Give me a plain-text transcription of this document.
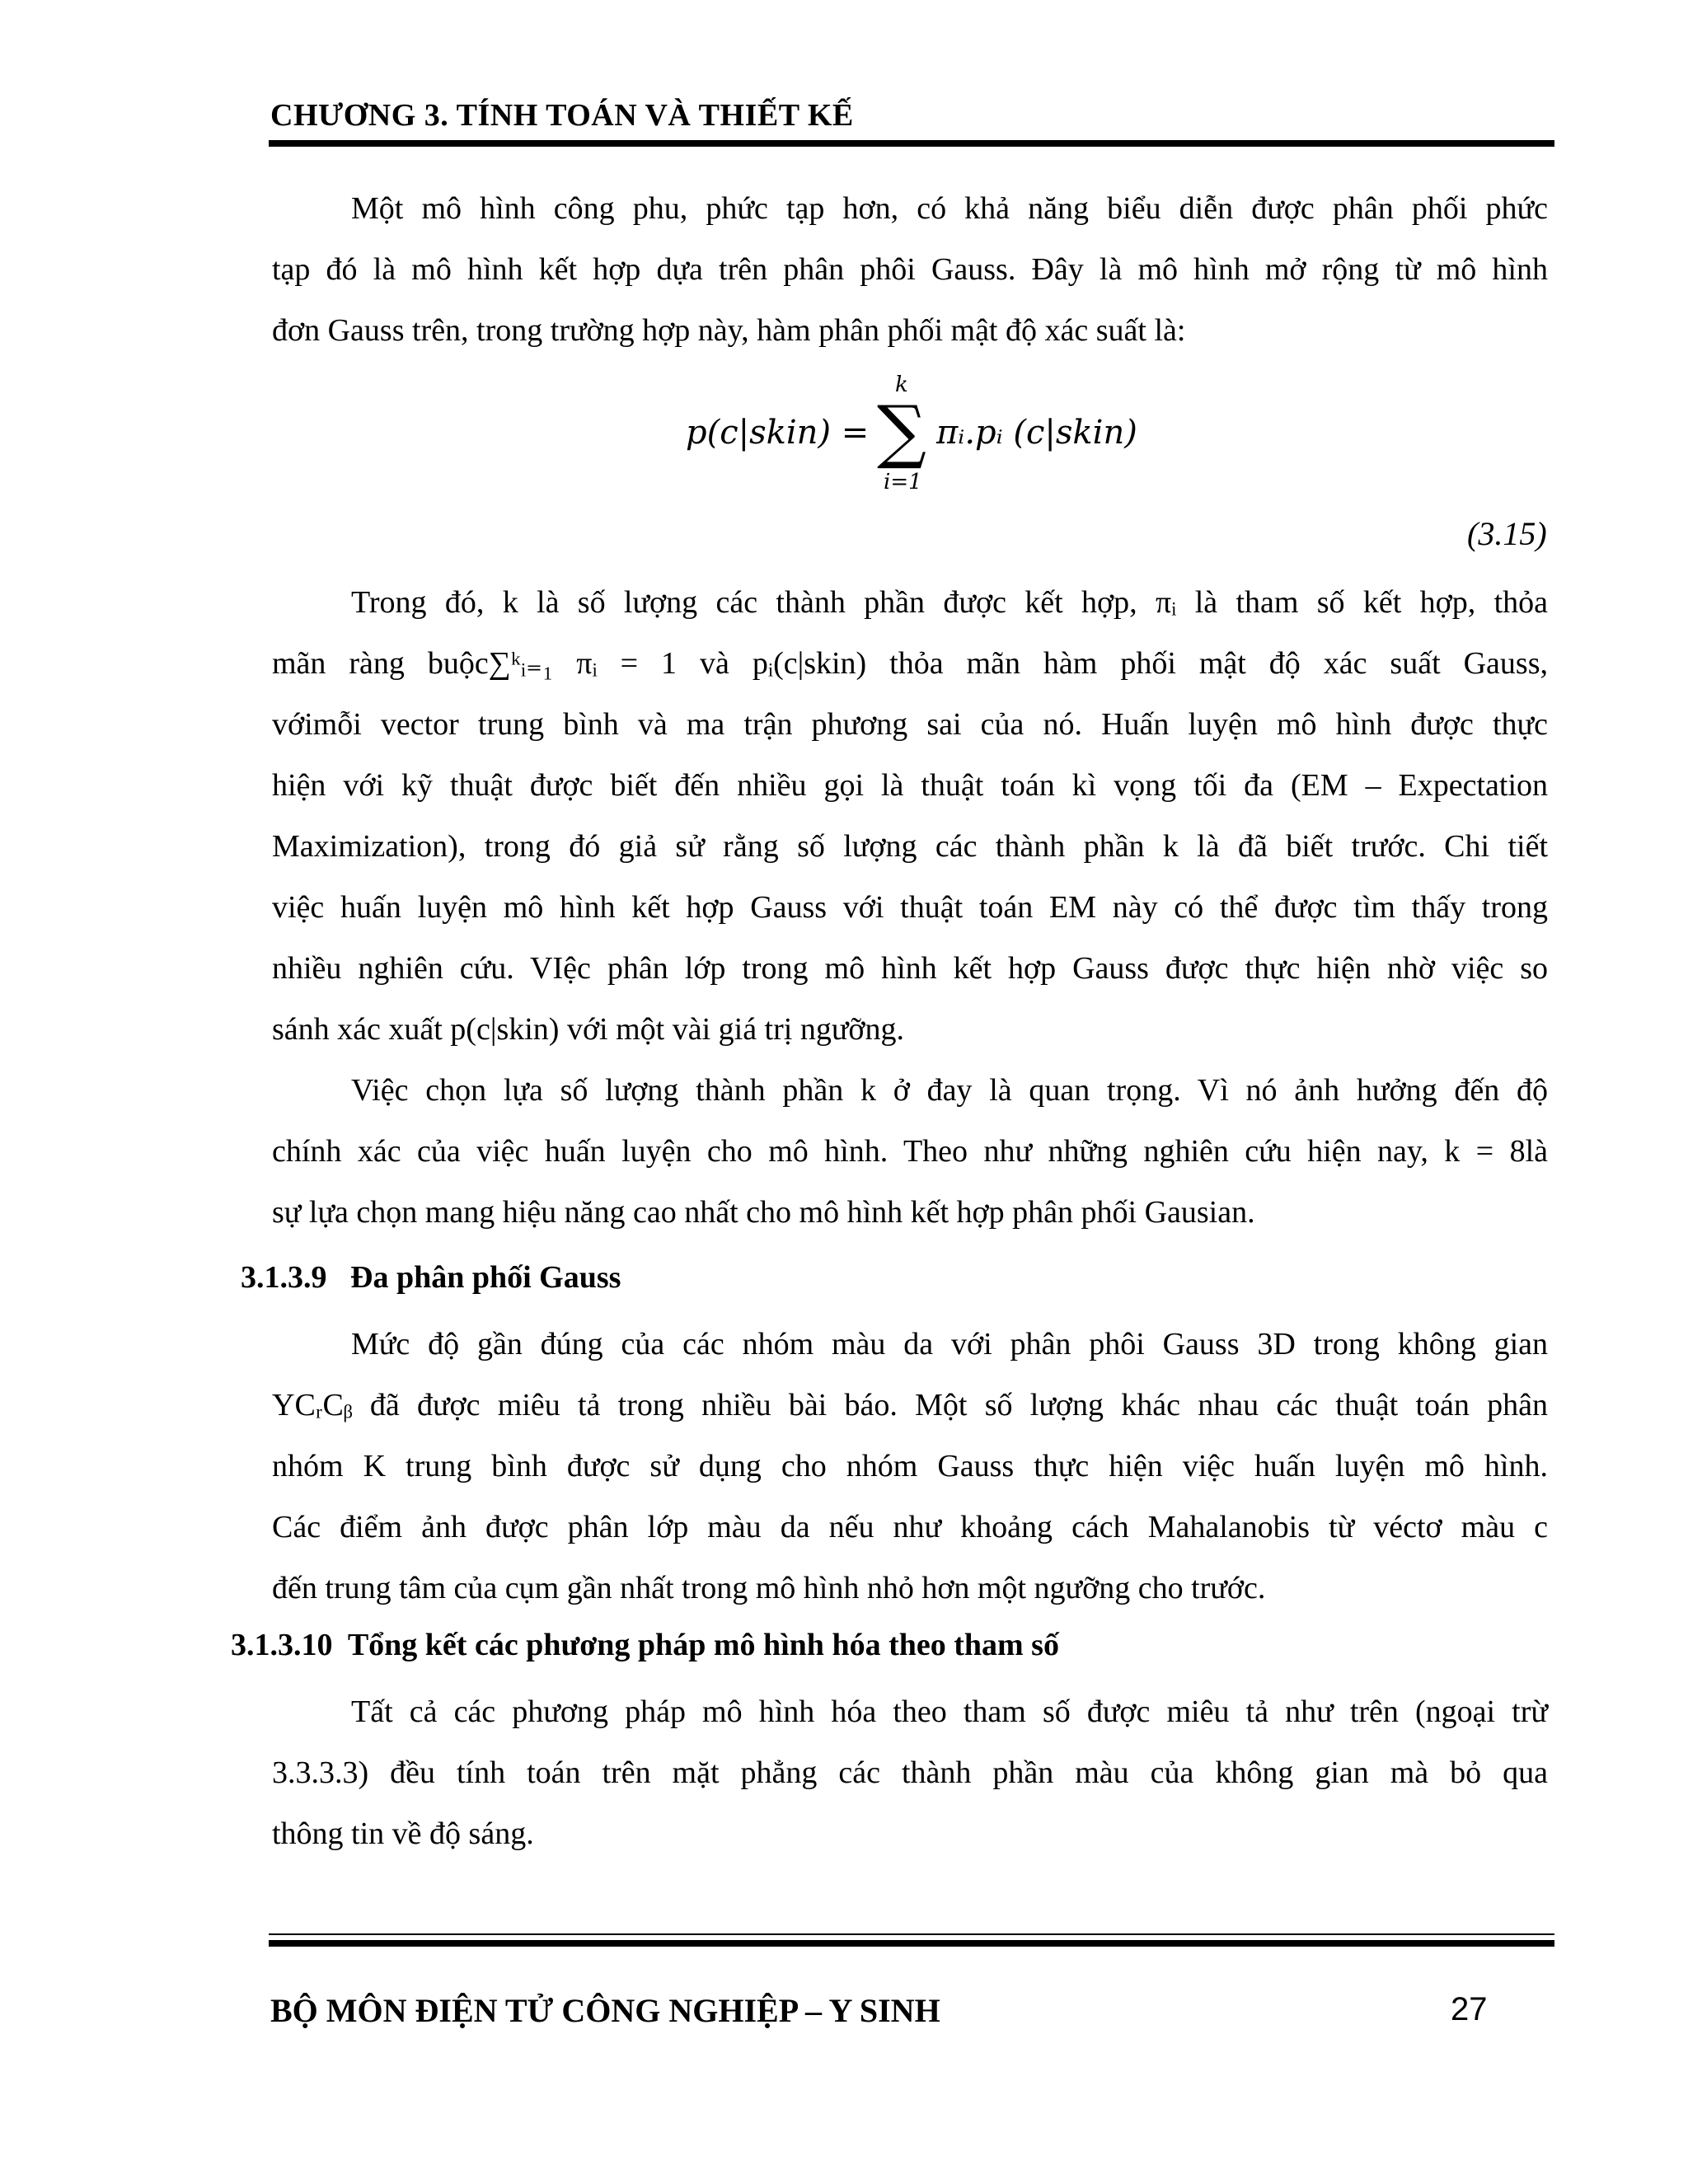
CHƯƠNG 3. TÍNH TOÁN VÀ THIẾT KẾ
Một mô hình công phu, phức tạp hơn, có khả năng biểu diễn được phân phối phức
tạp đó là mô hình kết hợp dựa trên phân phôi Gauss. Đây là mô hình mở rộng từ mô hình
đơn Gauss trên, trong trường hợp này, hàm phân phối mật độ xác suất là:
p(c|skin) =
k
∑
i=1
πᵢ.pᵢ (c|skin)
(3.15)
Trong đó, k là số lượng các thành phần được kết hợp, πᵢ là tham số kết hợp, thỏa
mãn ràng buộc∑ᵏᵢ₌₁ πᵢ = 1 và pᵢ(c|skin) thỏa mãn hàm phối mật độ xác suất Gauss,
vớimỗi vector trung bình và ma trận phương sai của nó. Huấn luyện mô hình được thực
hiện với kỹ thuật được biết đến nhiều gọi là thuật toán kì vọng tối đa (EM – Expectation
Maximization), trong đó giả sử rằng số lượng các thành phần k là đã biết trước. Chi tiết
việc huấn luyện mô hình kết hợp Gauss với thuật toán EM này có thể được tìm thấy trong
nhiều nghiên cứu. VIệc phân lớp trong mô hình kết hợp Gauss được thực hiện nhờ việc so
sánh xác xuất p(c|skin) với một vài giá trị ngưỡng.
Việc chọn lựa số lượng thành phần k ở đay là quan trọng. Vì nó ảnh hưởng đến độ
chính xác của việc huấn luyện cho mô hình. Theo như những nghiên cứu hiện nay, k = 8là
sự lựa chọn mang hiệu năng cao nhất cho mô hình kết hợp phân phối Gausian.
3.1.3.9   Đa phân phối Gauss
Mức độ gần đúng của các nhóm màu da với phân phôi Gauss 3D trong không gian
YCᵣCᵦ đã được miêu tả trong nhiều bài báo. Một số lượng khác nhau các thuật toán phân
nhóm K trung bình được sử dụng cho nhóm Gauss thực hiện việc huấn luyện mô hình.
Các điểm ảnh được phân lớp màu da nếu như khoảng cách Mahalanobis từ véctơ màu c
đến trung tâm của cụm gần nhất trong mô hình nhỏ hơn một ngưỡng cho trước.
3.1.3.10  Tổng kết các phương pháp mô hình hóa theo tham số
Tất cả các phương pháp mô hình hóa theo tham số được miêu tả như trên (ngoại trừ
3.3.3.3) đều tính toán trên mặt phẳng các thành phần màu của không gian mà bỏ qua
thông tin về độ sáng.
BỘ MÔN ĐIỆN TỬ CÔNG NGHIỆP – Y SINH	27
